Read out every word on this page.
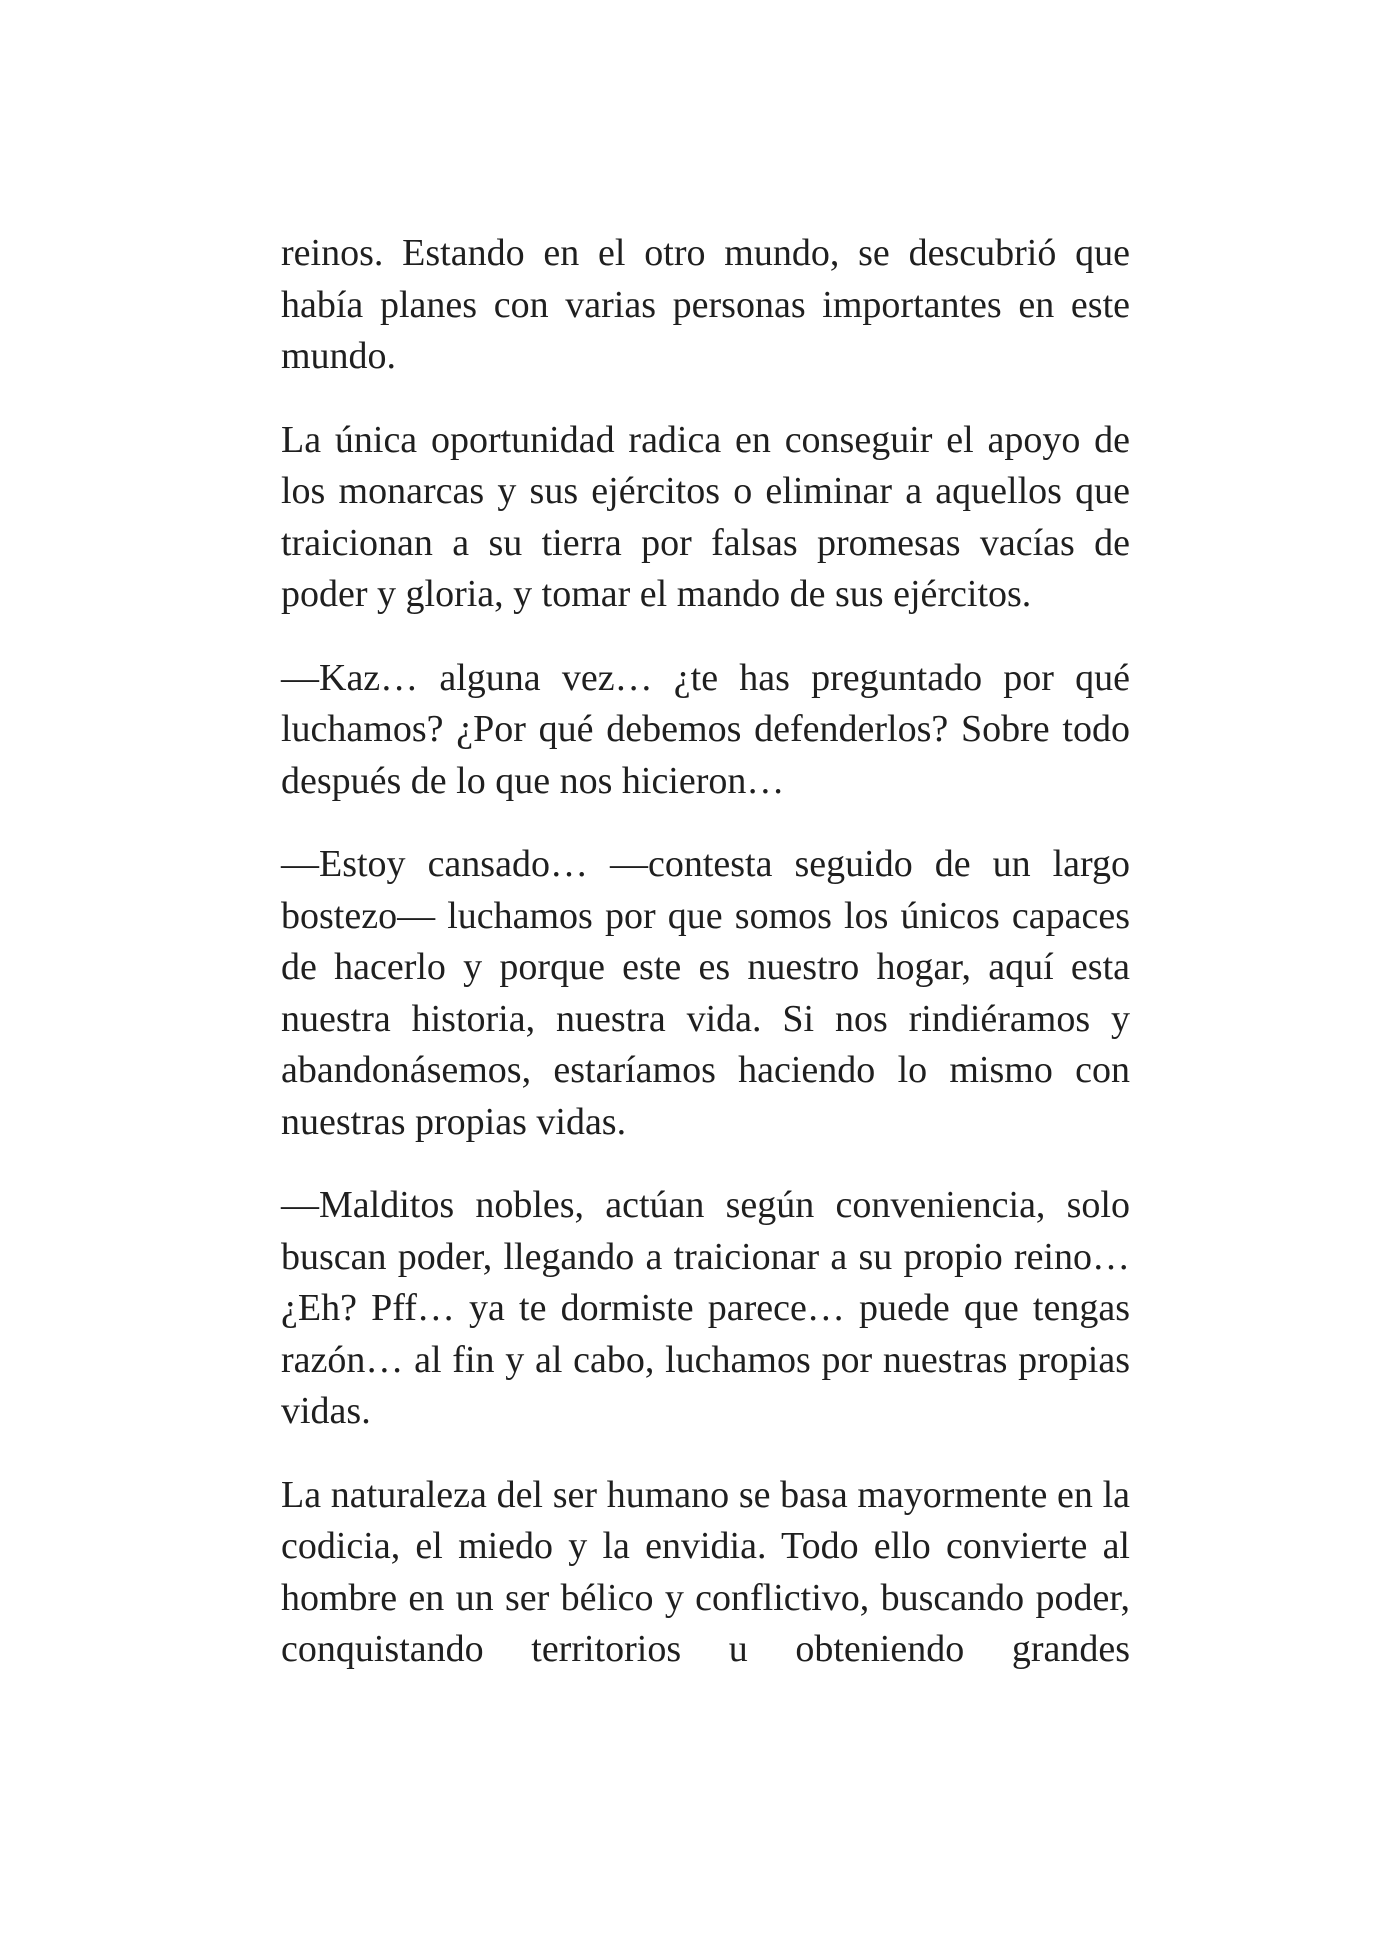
reinos. Estando en el otro mundo, se descubrió que había planes con varias personas importantes en este mundo.

La única oportunidad radica en conseguir el apoyo de los monarcas y sus ejércitos o eliminar a aquellos que traicionan a su tierra por falsas promesas vacías de poder y gloria, y tomar el mando de sus ejércitos.

—Kaz… alguna vez… ¿te has preguntado por qué luchamos? ¿Por qué debemos defenderlos? Sobre todo después de lo que nos hicieron…

—Estoy cansado… —contesta seguido de un largo bostezo— luchamos por que somos los únicos capaces de hacerlo y porque este es nuestro hogar, aquí esta nuestra historia, nuestra vida. Si nos rindiéramos y abandonásemos, estaríamos haciendo lo mismo con nuestras propias vidas.

—Malditos nobles, actúan según conveniencia, solo buscan poder, llegando a traicionar a su propio reino… ¿Eh? Pff… ya te dormiste parece… puede que tengas razón… al fin y al cabo, luchamos por nuestras propias vidas.

La naturaleza del ser humano se basa mayormente en la codicia, el miedo y la envidia. Todo ello convierte al hombre en un ser bélico y conflictivo, buscando poder, conquistando territorios u obteniendo grandes
